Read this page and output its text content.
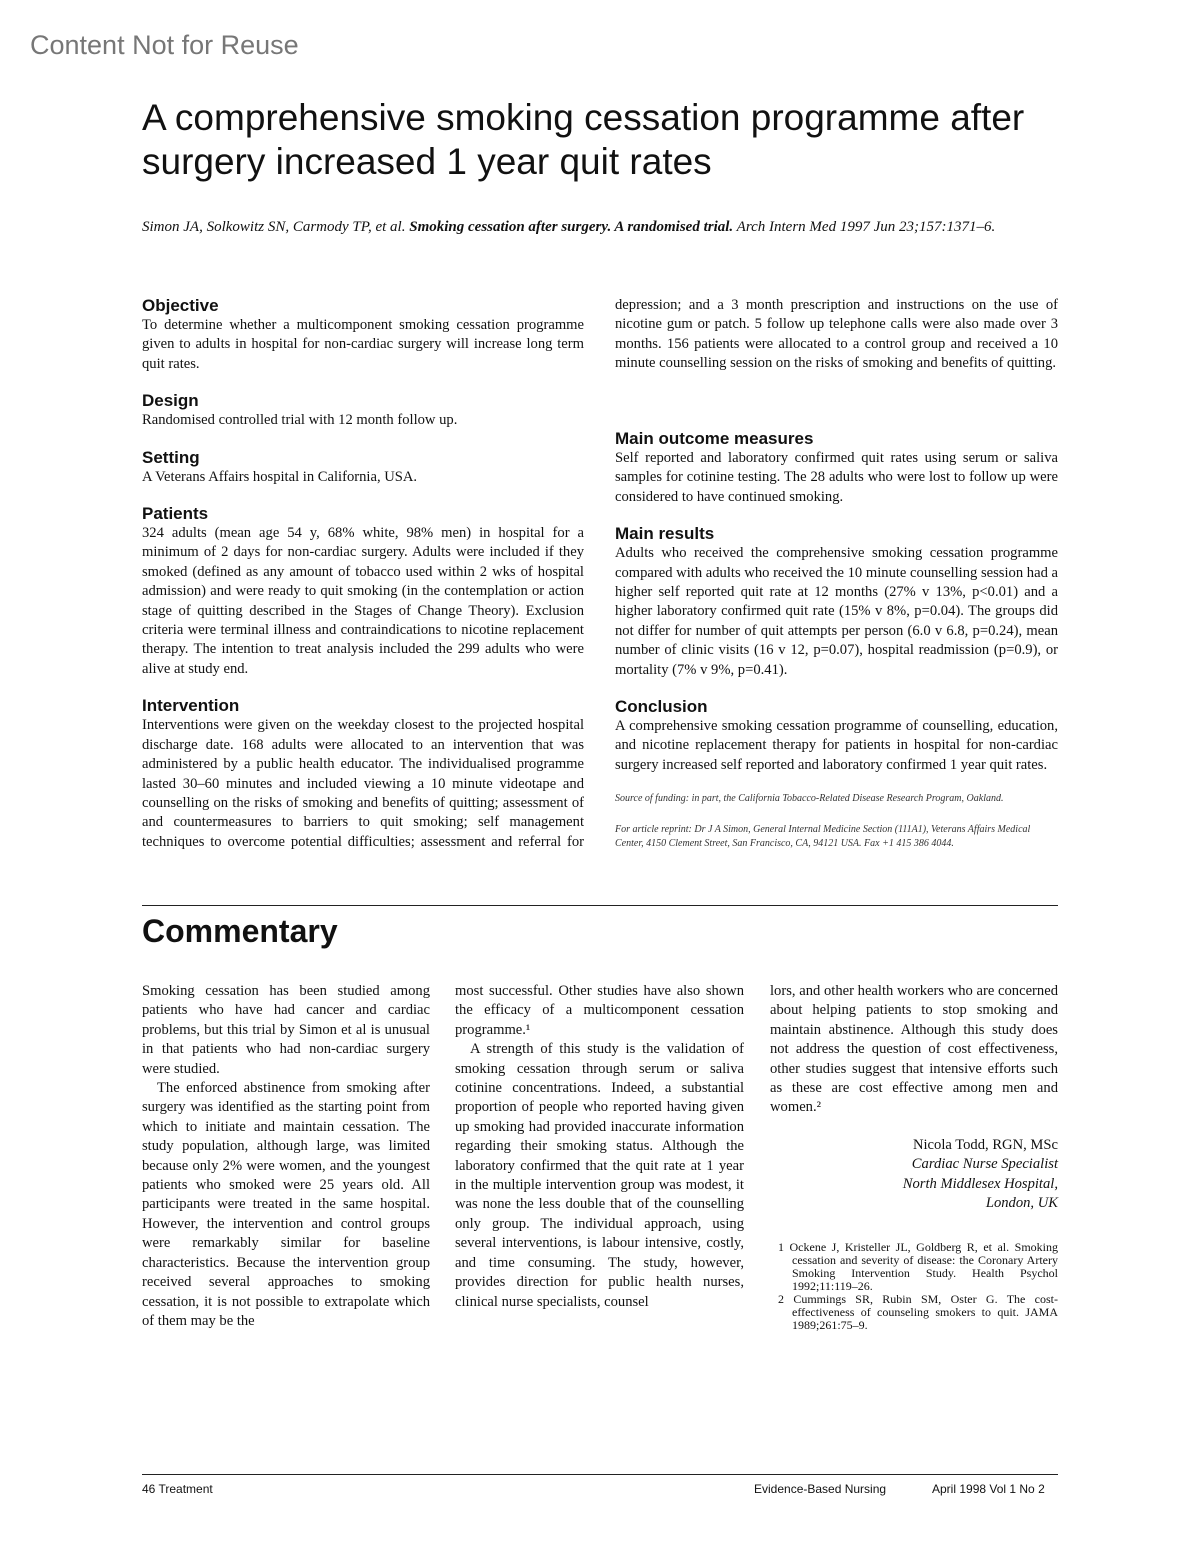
Content Not for Reuse
A comprehensive smoking cessation programme after surgery increased 1 year quit rates
Simon JA, Solkowitz SN, Carmody TP, et al. Smoking cessation after surgery. A randomised trial. Arch Intern Med 1997 Jun 23;157:1371–6.
Objective

To determine whether a multicomponent smoking cessation programme given to adults in hospital for non-cardiac surgery will increase long term quit rates.

Design

Randomised controlled trial with 12 month follow up.

Setting

A Veterans Affairs hospital in California, USA.

Patients

324 adults (mean age 54 y, 68% white, 98% men) in hospital for a minimum of 2 days for non-cardiac surgery. Adults were included if they smoked (defined as any amount of tobacco used within 2 wks of hospital admission) and were ready to quit smoking (in the contemplation or action stage of quitting described in the Stages of Change Theory). Exclusion criteria were terminal illness and contraindications to nicotine replacement therapy. The intention to treat analysis included the 299 adults who were alive at study end.

Intervention

Interventions were given on the weekday closest to the projected hospital discharge date. 168 adults were allocated to an intervention that was administered by a public health educator. The individualised programme lasted 30–60 minutes and included viewing a 10 minute videotape and counselling on the risks of smoking and benefits of quitting; assessment of and countermeasures to barriers to quit smoking; self management techniques to overcome potential difficulties; assessment and referral for

depression; and a 3 month prescription and instructions on the use of nicotine gum or patch. 5 follow up telephone calls were also made over 3 months. 156 patients were allocated to a control group and received a 10 minute counselling session on the risks of smoking and benefits of quitting.

Main outcome measures

Self reported and laboratory confirmed quit rates using serum or saliva samples for cotinine testing. The 28 adults who were lost to follow up were considered to have continued smoking.

Main results

Adults who received the comprehensive smoking cessation programme compared with adults who received the 10 minute counselling session had a higher self reported quit rate at 12 months (27% v 13%, p<0.01) and a higher laboratory confirmed quit rate (15% v 8%, p=0.04). The groups did not differ for number of quit attempts per person (6.0 v 6.8, p=0.24), mean number of clinic visits (16 v 12, p=0.07), hospital readmission (p=0.9), or mortality (7% v 9%, p=0.41).

Conclusion

A comprehensive smoking cessation programme of counselling, education, and nicotine replacement therapy for patients in hospital for non-cardiac surgery increased self reported and laboratory confirmed 1 year quit rates.

Source of funding: in part, the California Tobacco-Related Disease Research Program, Oakland.

For article reprint: Dr J A Simon, General Internal Medicine Section (111A1), Veterans Affairs Medical Center, 4150 Clement Street, San Francisco, CA, 94121 USA. Fax +1 415 386 4044.

Commentary

Smoking cessation has been studied among patients who have had cancer and cardiac problems, but this trial by Simon et al is unusual in that patients who had non-cardiac surgery were studied.

The enforced abstinence from smoking after surgery was identified as the starting point from which to initiate and maintain cessation. The study population, although large, was limited because only 2% were women, and the youngest patients who smoked were 25 years old. All participants were treated in the same hospital. However, the intervention and control groups were remarkably similar for baseline characteristics. Because the intervention group received several approaches to smoking cessation, it is not possible to extrapolate which of them may be the

most successful. Other studies have also shown the efficacy of a multicomponent cessation programme.¹

A strength of this study is the validation of smoking cessation through serum or saliva cotinine concentrations. Indeed, a substantial proportion of people who reported having given up smoking had provided inaccurate information regarding their smoking status. Although the laboratory confirmed that the quit rate at 1 year in the multiple intervention group was modest, it was none the less double that of the counselling only group. The individual approach, using several interventions, is labour intensive, costly, and time consuming. The study, however, provides direction for public health nurses, clinical nurse specialists, counsel

lors, and other health workers who are concerned about helping patients to stop smoking and maintain abstinence. Although this study does not address the question of cost effectiveness, other studies suggest that intensive efforts such as these are cost effective among men and women.²

Nicola Todd, RGN, MSc
Cardiac Nurse Specialist
North Middlesex Hospital,
London, UK
1 Ockene J, Kristeller JL, Goldberg R, et al. Smoking cessation and severity of disease: the Coronary Artery Smoking Intervention Study. Health Psychol 1992;11:119–26.
2 Cummings SR, Rubin SM, Oster G. The cost-effectiveness of counseling smokers to quit. JAMA 1989;261:75–9.
46 Treatment	Evidence-Based Nursing	April 1998 Vol 1 No 2
